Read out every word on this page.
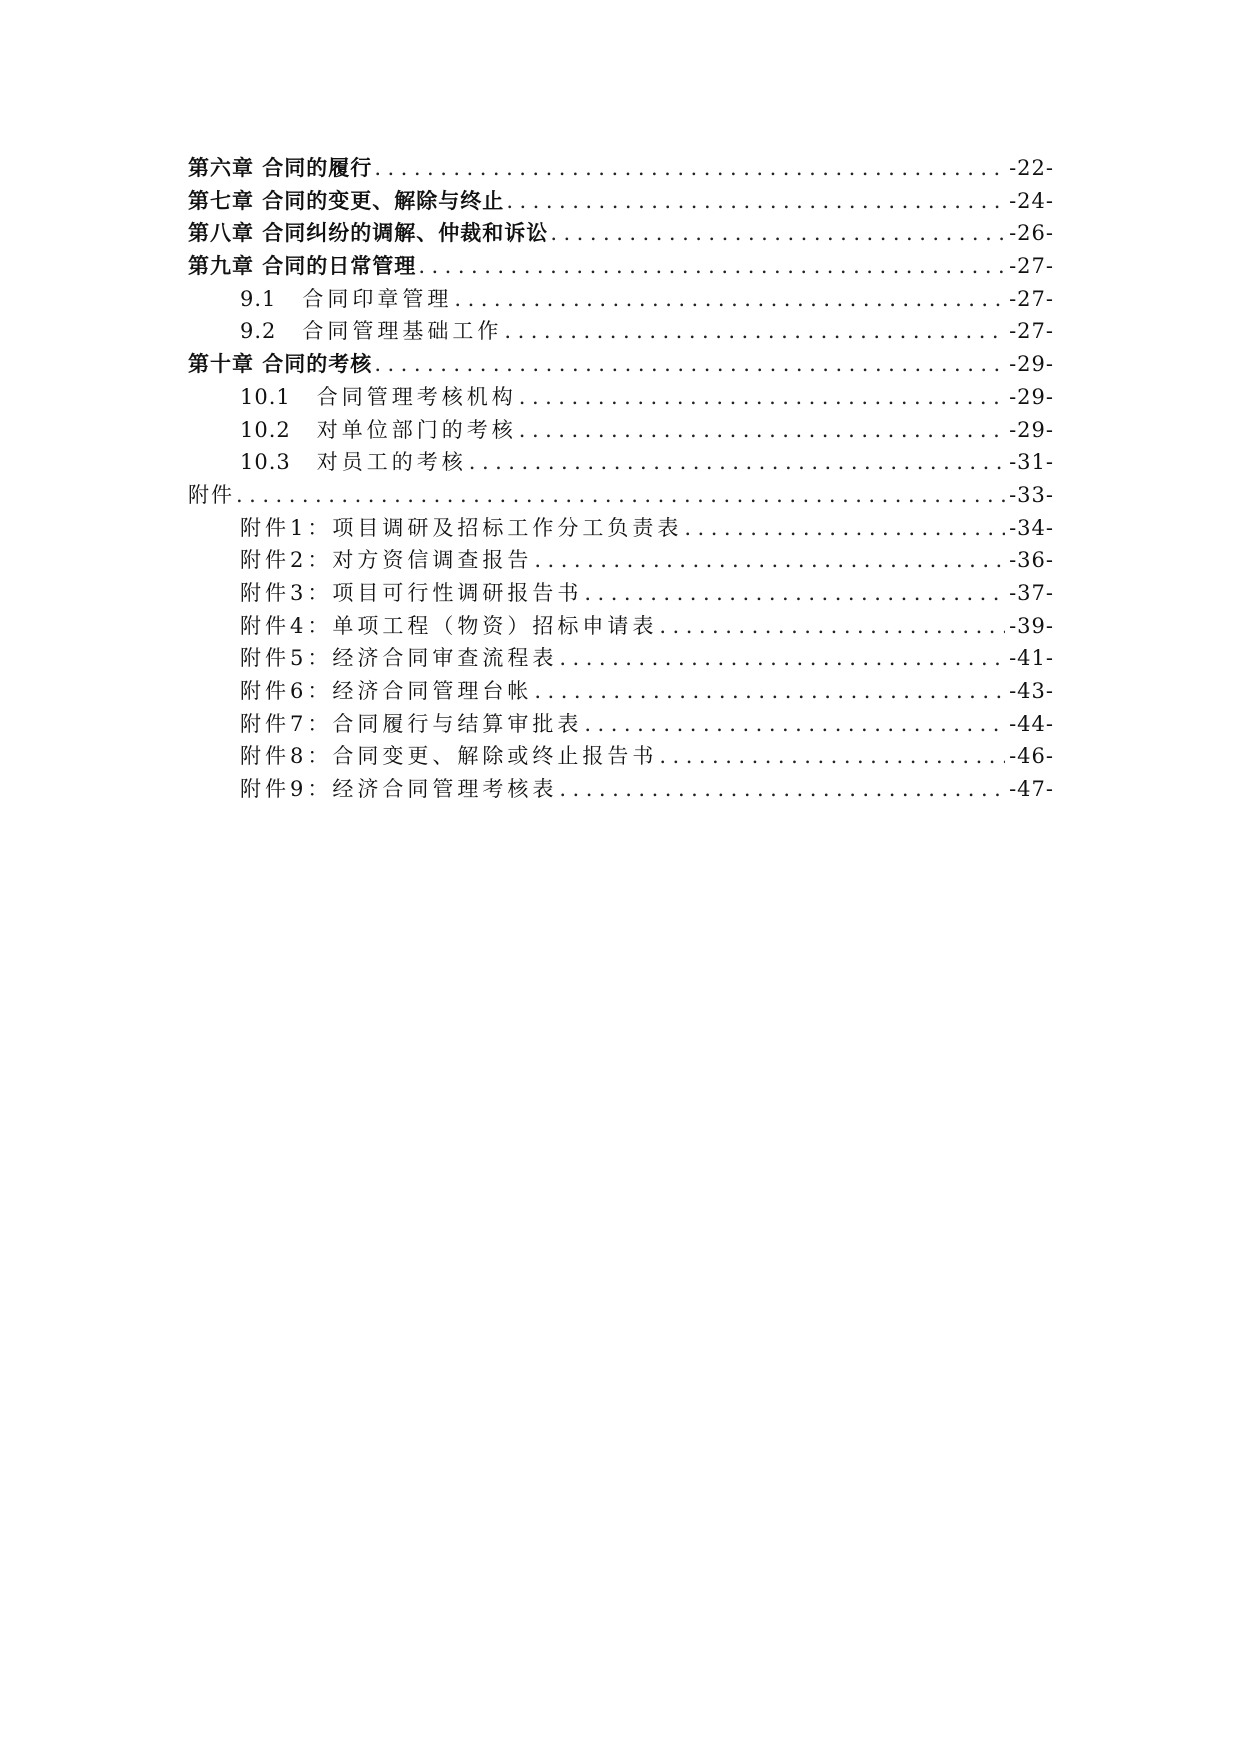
第六章 合同的履行 .....	-22-
第七章 合同的变更、解除与终止 .....	-24-
第八章 合同纠纷的调解、仲裁和诉讼 .....	-26-
第九章 合同的日常管理 .....	-27-
9.1 合同印章管理 .....	-27-
9.2 合同管理基础工作 .....	-27-
第十章 合同的考核 .....	-29-
10.1 合同管理考核机构 .....	-29-
10.2 对单位部门的考核 .....	-29-
10.3 对员工的考核 .....	-31-
附件 .....	-33-
附件1：项目调研及招标工作分工负责表 .....	-34-
附件2：对方资信调查报告 .....	-36-
附件3：项目可行性调研报告书 .....	-37-
附件4：单项工程（物资）招标申请表 .....	-39-
附件5：经济合同审查流程表 .....	-41-
附件6：经济合同管理台帐 .....	-43-
附件7：合同履行与结算审批表 .....	-44-
附件8：合同变更、解除或终止报告书 .....	-46-
附件9：经济合同管理考核表 .....	-47-
